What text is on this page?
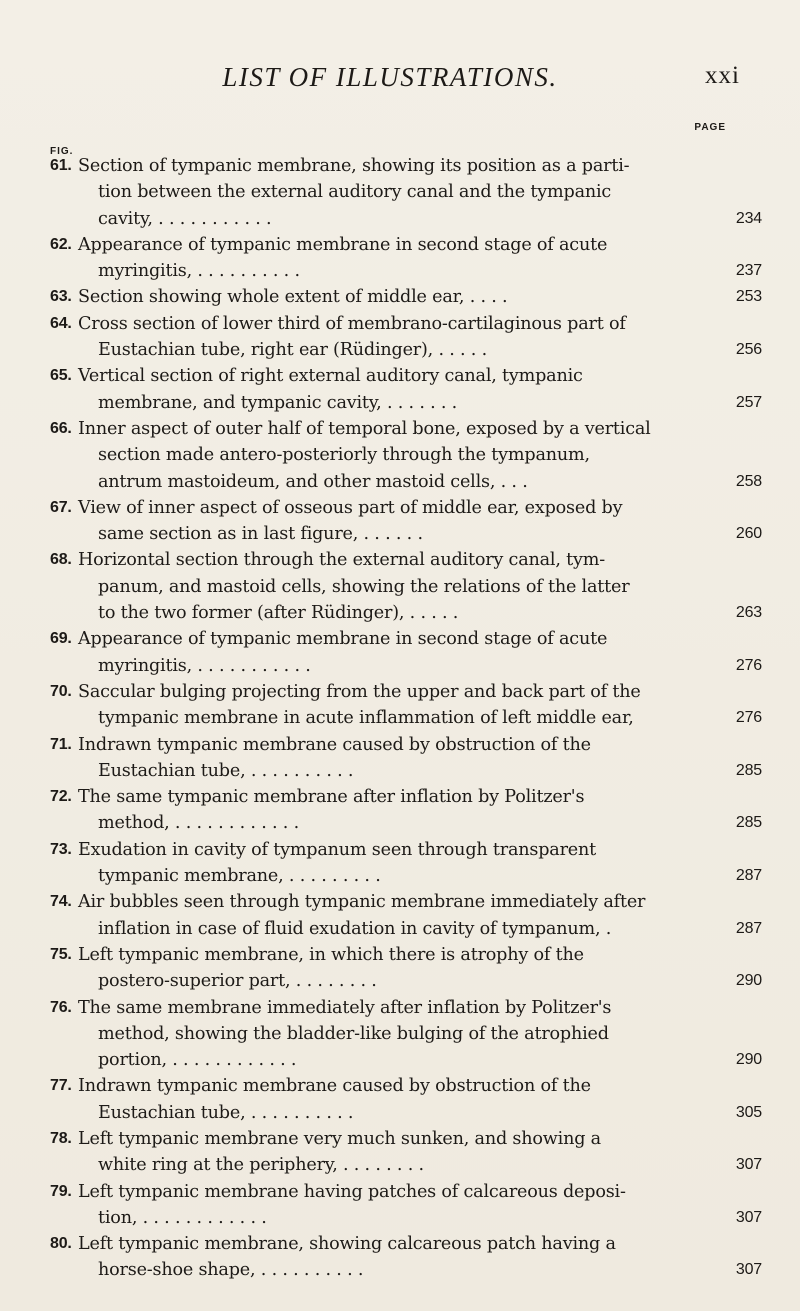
LIST OF ILLUSTRATIONS.	xxi
FIG.
PAGE
61. Section of tympanic membrane, showing its position as a parti-
tion between the external auditory canal and the tympanic
cavity, . . . . . . . . . . .	234
62. Appearance of tympanic membrane in second stage of acute
myringitis, . . . . . . . . . .	237
63. Section showing whole extent of middle ear, . . . .	253
64. Cross section of lower third of membrano-cartilaginous part of
Eustachian tube, right ear (Rüdinger), . . . . .	256
65. Vertical section of right external auditory canal, tympanic
membrane, and tympanic cavity, . . . . . . .	257
66. Inner aspect of outer half of temporal bone, exposed by a vertical
section made antero-posteriorly through the tympanum,
antrum mastoideum, and other mastoid cells, . . .	258
67. View of inner aspect of osseous part of middle ear, exposed by
same section as in last figure, . . . . . .	260
68. Horizontal section through the external auditory canal, tym-
panum, and mastoid cells, showing the relations of the latter
to the two former (after Rüdinger), . . . . .	263
69. Appearance of tympanic membrane in second stage of acute
myringitis, . . . . . . . . . . .	276
70. Saccular bulging projecting from the upper and back part of the
tympanic membrane in acute inflammation of left middle ear,	276
71. Indrawn tympanic membrane caused by obstruction of the
Eustachian tube, . . . . . . . . . .	285
72. The same tympanic membrane after inflation by Politzer's
method, . . . . . . . . . . . .	285
73. Exudation in cavity of tympanum seen through transparent
tympanic membrane, . . . . . . . . .	287
74. Air bubbles seen through tympanic membrane immediately after
inflation in case of fluid exudation in cavity of tympanum, .	287
75. Left tympanic membrane, in which there is atrophy of the
postero-superior part, . . . . . . . .	290
76. The same membrane immediately after inflation by Politzer's
method, showing the bladder-like bulging of the atrophied
portion, . . . . . . . . . . . .	290
77. Indrawn tympanic membrane caused by obstruction of the
Eustachian tube, . . . . . . . . . .	305
78. Left tympanic membrane very much sunken, and showing a
white ring at the periphery, . . . . . . . .	307
79. Left tympanic membrane having patches of calcareous deposi-
tion, . . . . . . . . . . . .	307
80. Left tympanic membrane, showing calcareous patch having a
horse-shoe shape, . . . . . . . . . .	307
